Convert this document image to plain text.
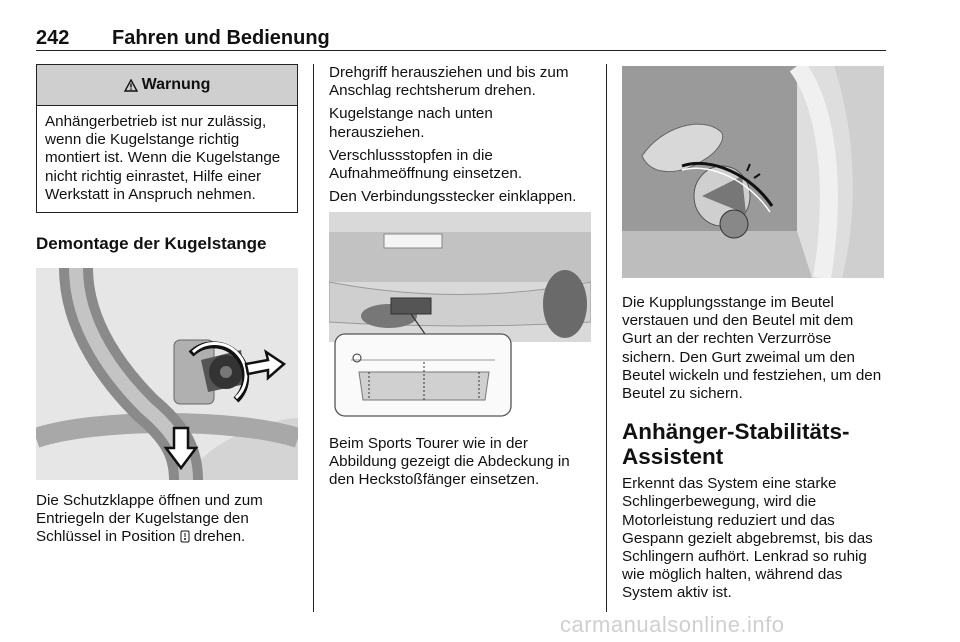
242 Fahren und Bedienung
Warnung
Anhängerbetrieb ist nur zulässig, wenn die Kugelstange richtig montiert ist. Wenn die Kugelstange nicht richtig einrastet, Hilfe einer Werkstatt in Anspruch nehmen.
Demontage der Kugelstange

Die Schutzklappe öffnen und zum Entriegeln der Kugelstange den Schlüssel in Position drehen.

Drehgriff herausziehen und bis zum Anschlag rechtsherum drehen.

Kugelstange nach unten herausziehen.

Verschlussstopfen in die Aufnahmeöffnung einsetzen.

Den Verbindungsstecker einklappen.

Beim Sports Tourer wie in der Abbildung gezeigt die Abdeckung in den Heckstoßfänger einsetzen.

Die Kupplungsstange im Beutel verstauen und den Beutel mit dem Gurt an der rechten Verzurröse sichern. Den Gurt zweimal um den Beutel wickeln und festziehen, um den Beutel zu sichern.

Anhänger-Stabilitäts-Assistent

Erkennt das System eine starke Schlingerbewegung, wird die Motorleistung reduziert und das Gespann gezielt abgebremst, bis das Schlingern aufhört. Lenkrad so ruhig wie möglich halten, während das System aktiv ist.

carmanualsonline.info
